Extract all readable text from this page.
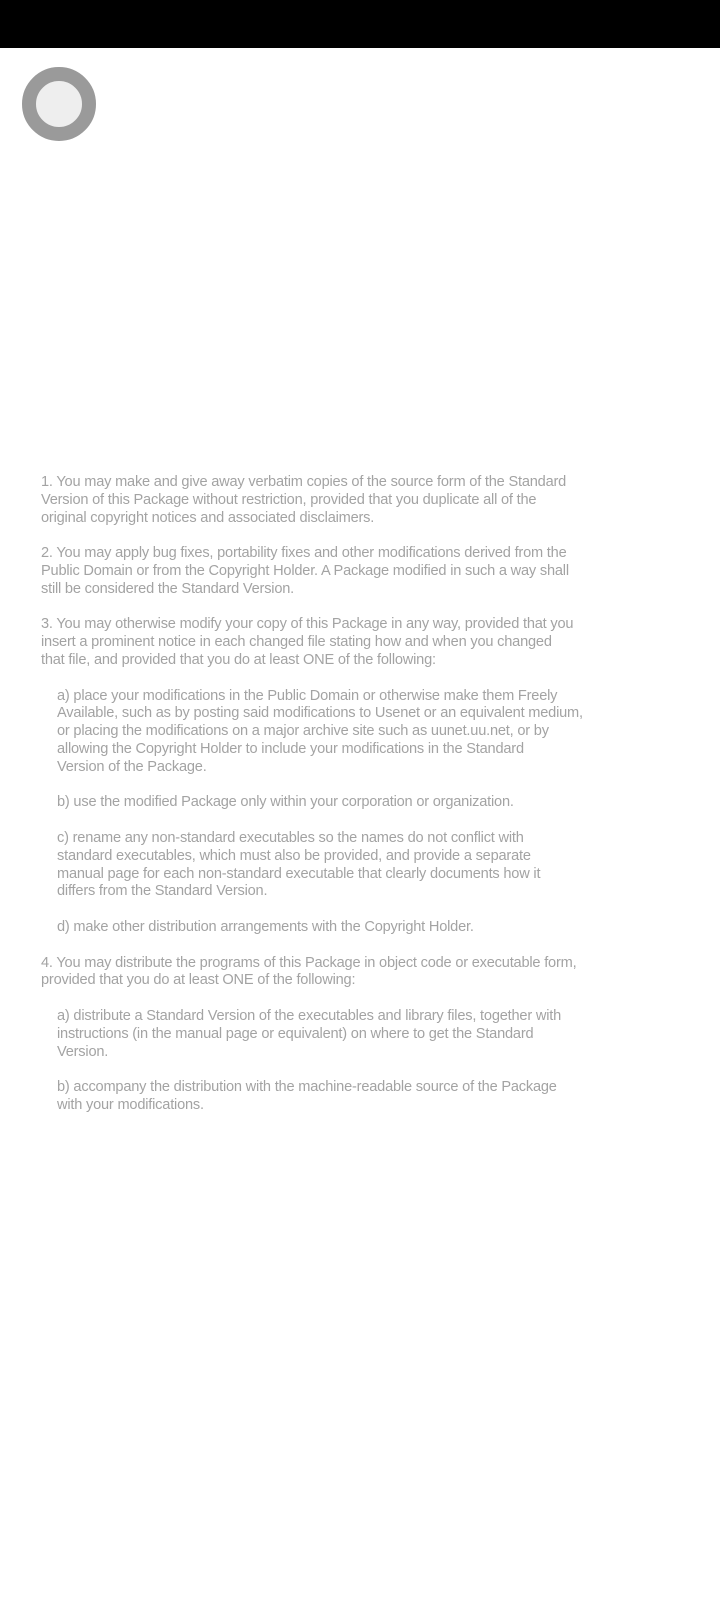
1. You may make and give away verbatim copies of the source form of the Standard
Version of this Package without restriction, provided that you duplicate all of the
original copyright notices and associated disclaimers.

2. You may apply bug fixes, portability fixes and other modifications derived from the
Public Domain or from the Copyright Holder. A Package modified in such a way shall
still be considered the Standard Version.

3. You may otherwise modify your copy of this Package in any way, provided that you
insert a prominent notice in each changed file stating how and when you changed
that file, and provided that you do at least ONE of the following:

a) place your modifications in the Public Domain or otherwise make them Freely
Available, such as by posting said modifications to Usenet or an equivalent medium,
or placing the modifications on a major archive site such as uunet.uu.net, or by
allowing the Copyright Holder to include your modifications in the Standard
Version of the Package.

b) use the modified Package only within your corporation or organization.

c) rename any non-standard executables so the names do not conflict with
standard executables, which must also be provided, and provide a separate
manual page for each non-standard executable that clearly documents how it
differs from the Standard Version.

d) make other distribution arrangements with the Copyright Holder.

4. You may distribute the programs of this Package in object code or executable form,
provided that you do at least ONE of the following:

a) distribute a Standard Version of the executables and library files, together with
instructions (in the manual page or equivalent) on where to get the Standard
Version.

b) accompany the distribution with the machine-readable source of the Package
with your modifications.
